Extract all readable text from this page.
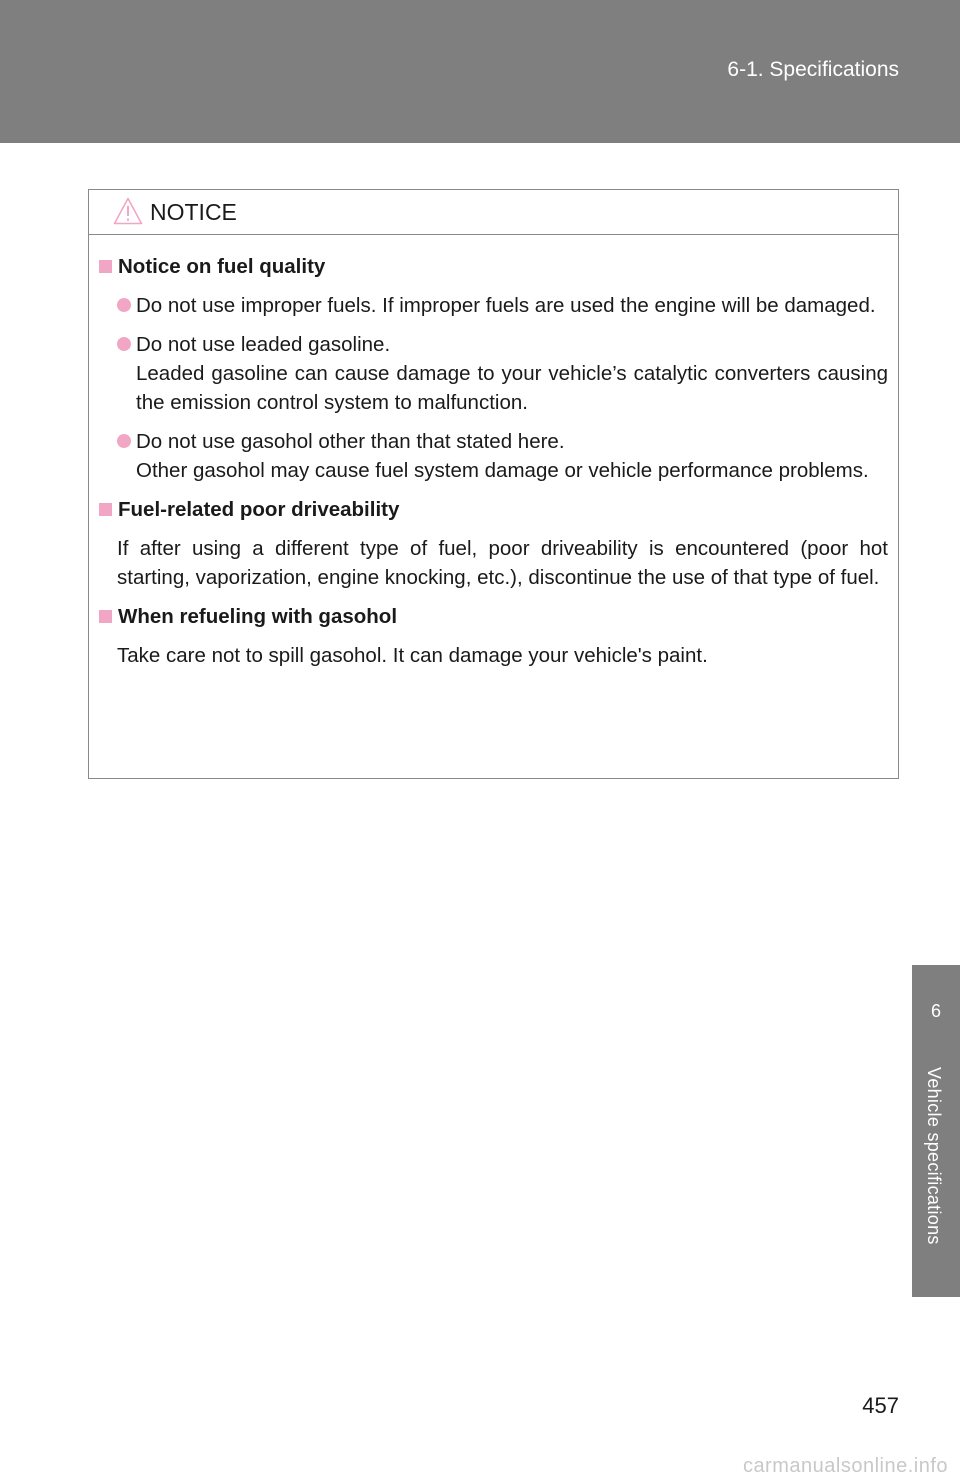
6-1. Specifications
6
Vehicle specifications
NOTICE
Notice on fuel quality
Do not use improper fuels. If improper fuels are used the engine will be damaged.
Do not use leaded gasoline.
Leaded gasoline can cause damage to your vehicle’s catalytic converters causing the emission control system to malfunction.
Do not use gasohol other than that stated here.
Other gasohol may cause fuel system damage or vehicle performance problems.
Fuel-related poor driveability
If after using a different type of fuel, poor driveability is encountered (poor hot starting, vaporization, engine knocking, etc.), discontinue the use of that type of fuel.
When refueling with gasohol
Take care not to spill gasohol. It can damage your vehicle's paint.
457
carmanualsonline.info
